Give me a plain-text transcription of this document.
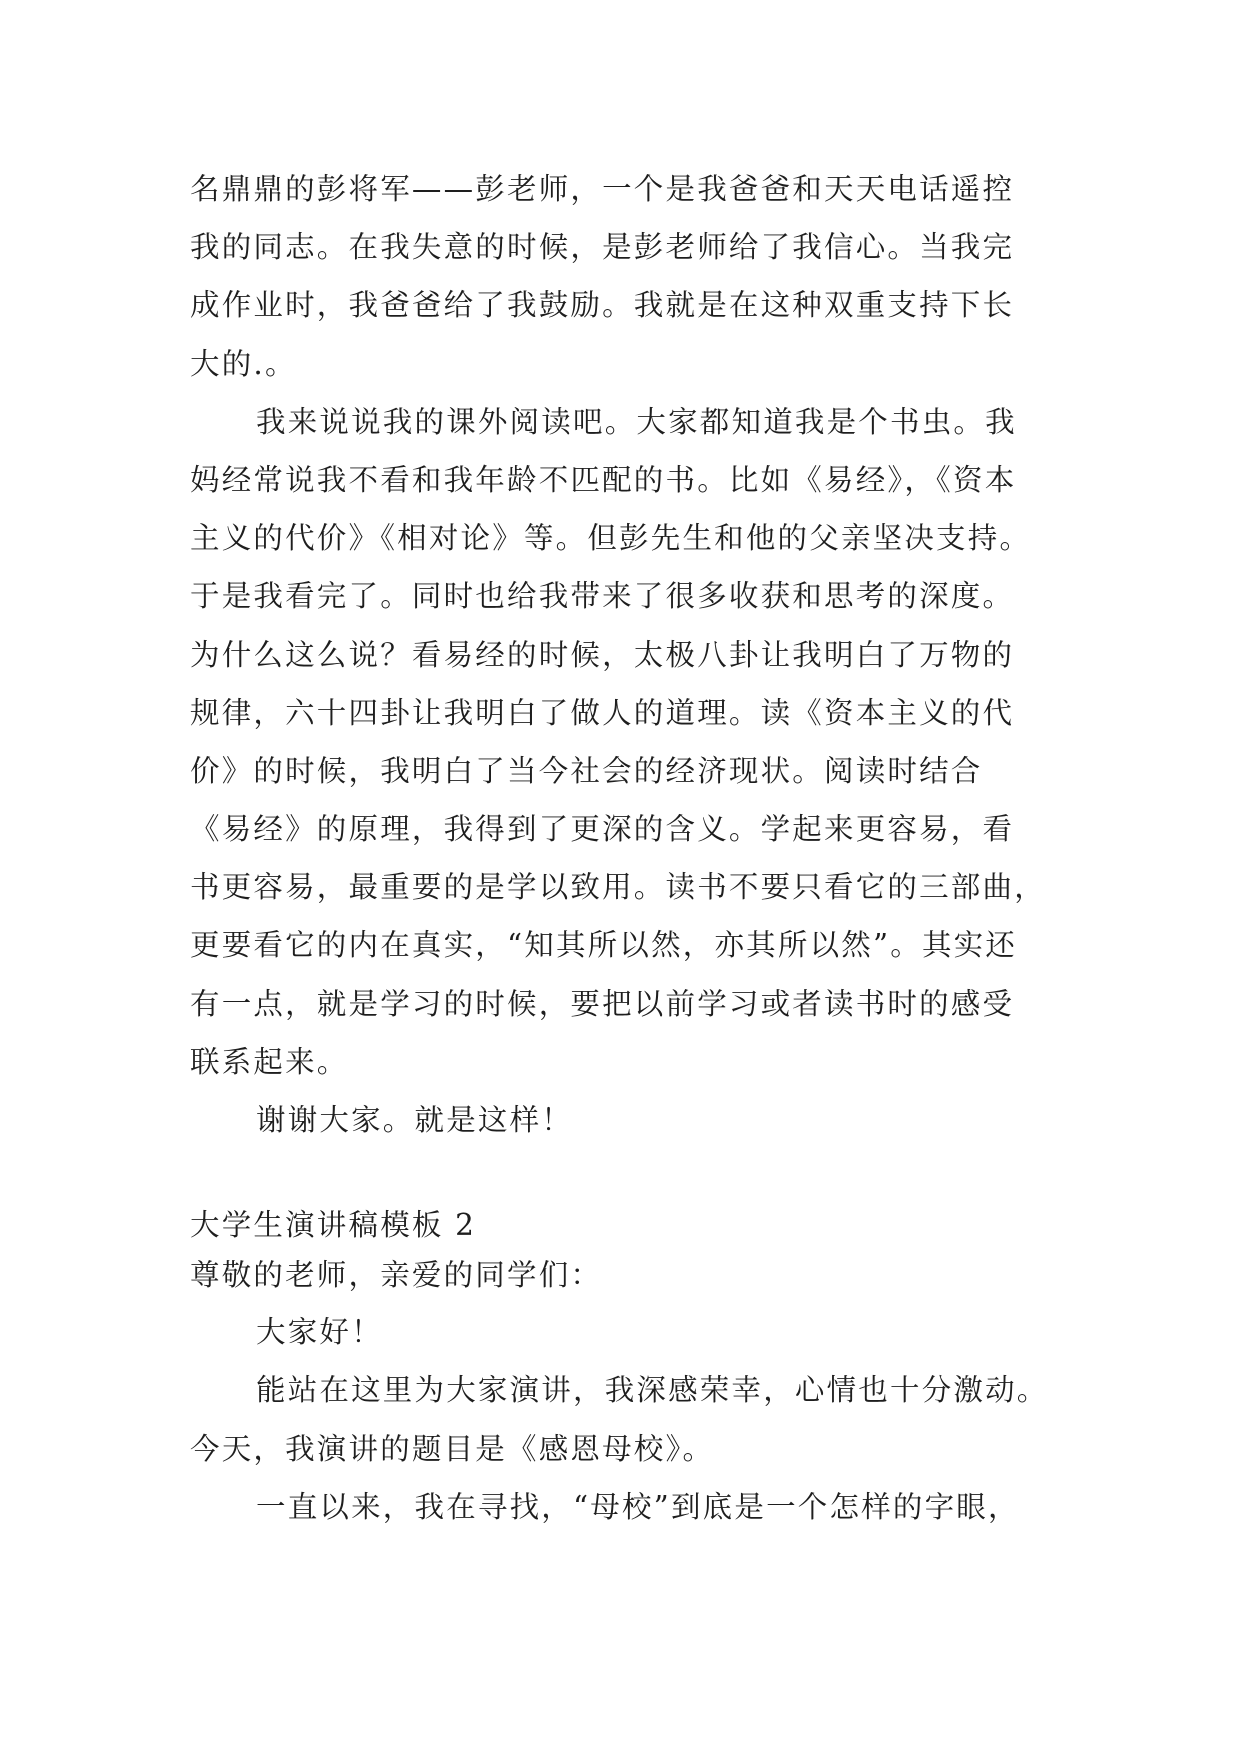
名鼎鼎的彭将军——彭老师，一个是我爸爸和天天电话遥控
我的同志。在我失意的时候，是彭老师给了我信心。当我完
成作业时，我爸爸给了我鼓励。我就是在这种双重支持下长
大的.。
我来说说我的课外阅读吧。大家都知道我是个书虫。我
妈经常说我不看和我年龄不匹配的书。比如《易经》，《资本
主义的代价》《相对论》等。但彭先生和他的父亲坚决支持。
于是我看完了。同时也给我带来了很多收获和思考的深度。
为什么这么说？看易经的时候，太极八卦让我明白了万物的
规律，六十四卦让我明白了做人的道理。读《资本主义的代
价》的时候，我明白了当今社会的经济现状。阅读时结合
《易经》的原理，我得到了更深的含义。学起来更容易，看
书更容易，最重要的是学以致用。读书不要只看它的三部曲，
更要看它的内在真实，“知其所以然，亦其所以然”。其实还
有一点，就是学习的时候，要把以前学习或者读书时的感受
联系起来。
谢谢大家。就是这样！
大学生演讲稿模板 2
尊敬的老师，亲爱的同学们：
大家好！
能站在这里为大家演讲，我深感荣幸，心情也十分激动。
今天，我演讲的题目是《感恩母校》。
一直以来，我在寻找，“母校”到底是一个怎样的字眼，
